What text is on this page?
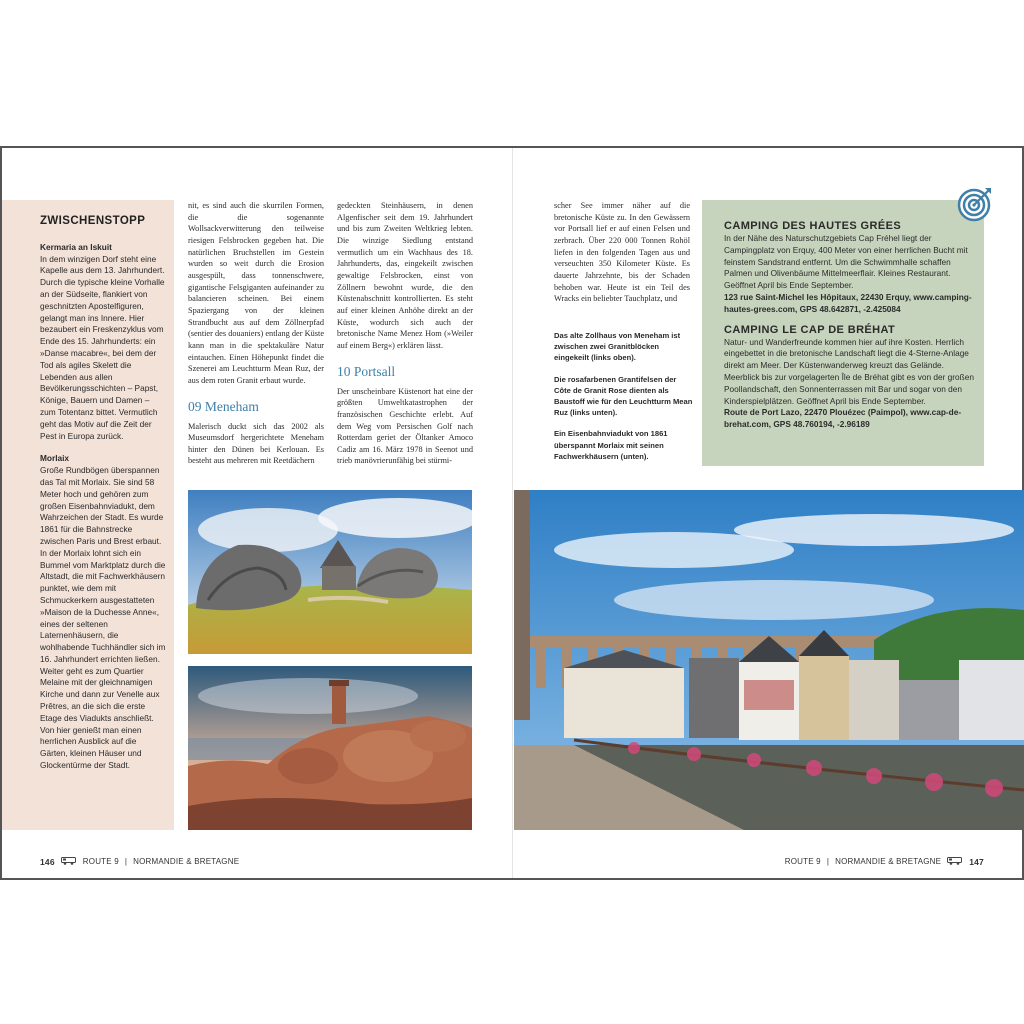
ZWISCHENSTOPP

Kermaria an Iskuit

In dem winzigen Dorf steht eine Kapelle aus dem 13. Jahrhundert. Durch die typische kleine Vorhalle an der Südseite, flankiert von geschnitzten Apostelfiguren, gelangt man ins Innere. Hier bezaubert ein Freskenzyklus vom Ende des 15. Jahrhunderts: ein »Danse macabre«, bei dem der Tod als agiles Skelett die Lebenden aus allen Bevölkerungsschichten – Papst, Könige, Bauern und Damen – zum Totentanz bittet. Vermutlich geht das Motiv auf die Zeit der Pest in Europa zurück.

Morlaix

Große Rundbögen überspannen das Tal mit Morlaix. Sie sind 58 Meter hoch und gehören zum großen Eisenbahnviadukt, dem Wahrzeichen der Stadt. Es wurde 1861 für die Bahnstrecke zwischen Paris und Brest erbaut. In der Morlaix lohnt sich ein Bummel vom Marktplatz durch die Altstadt, die mit Fachwerkhäusern punktet, wie dem mit Schmuckerkern ausgestatteten »Maison de la Duchesse Anne«, eines der seltenen Laternenhäusern, die wohlhabende Tuchhändler sich im 16. Jahrhundert errichten ließen. Weiter geht es zum Quartier Melaine mit der gleichnamigen Kirche und dann zur Venelle aux Prêtres, an die sich die erste Etage des Viadukts anschließt. Von hier genießt man einen herrlichen Ausblick auf die Gärten, kleinen Häuser und Glockentürme der Stadt.

nit, es sind auch die skurrilen Formen, die die sogenannte Wollsackverwitterung den teilweise riesigen Felsbrocken gegeben hat. Die natürlichen Bruchstellen im Gestein wurden so weit durch die Erosion ausgespült, dass tonnenschwere, gigantische Felsgiganten aufeinander zu balancieren scheinen. Bei einem Spaziergang von der kleinen Strandbucht aus auf dem Zöllnerpfad (sentier des douaniers) entlang der Küste kann man in die spektakuläre Natur eintauchen. Einen Höhepunkt findet die Szenerei am Leuchtturm Mean Ruz, der aus dem roten Granit erbaut wurde.

09 Meneham

Malerisch duckt sich das 2002 als Museumsdorf hergerichtete Meneham hinter den Dünen bei Kerlouan. Es besteht aus mehreren mit Reetdächern

gedeckten Steinhäusern, in denen Algenfischer seit dem 19. Jahrhundert und bis zum Zweiten Weltkrieg lebten. Die winzige Siedlung entstand vermutlich um ein Wachhaus des 18. Jahrhunderts, das, eingekeilt zwischen gewaltige Felsbrocken, einst von Zöllnern bewohnt wurde, die den Küstenabschnitt kontrollierten. Es steht auf einer kleinen Anhöhe direkt an der Küste, wodurch sich auch der bretonische Name Menez Hom (»Weiler auf einem Berg«) erklären lässt.

10 Portsall

Der unscheinbare Küstenort hat eine der größten Umweltkatastrophen der französischen Geschichte erlebt. Auf dem Weg vom Persischen Golf nach Rotterdam geriet der Öltanker Amoco Cadiz am 16. März 1978 in Seenot und trieb manövrierunfähig bei stürmi-

scher See immer näher auf die bretonische Küste zu. In den Gewässern vor Portsall lief er auf einen Felsen und zerbrach. Über 220 000 Tonnen Rohöl liefen in den folgenden Tagen aus und verseuchten 350 Kilometer Küste. Es dauerte Jahrzehnte, bis der Schaden behoben war. Heute ist ein Teil des Wracks ein beliebter Tauchplatz, und

Das alte Zollhaus von Meneham ist zwischen zwei Granitblöcken eingekeilt (links oben).

Die rosafarbenen Grantifelsen der Côte de Granit Rose dienten als Baustoff wie für den Leuchtturm Mean Ruz (links unten).

Ein Eisenbahnviadukt von 1861 überspannt Morlaix mit seinen Fachwerkhäusern (unten).

CAMPING DES HAUTES GRÉES

In der Nähe des Naturschutzgebiets Cap Fréhel liegt der Campingplatz von Erquy, 400 Meter von einer herrlichen Bucht mit feinstem Sandstrand entfernt. Um die Schwimmhalle schaffen Palmen und Olivenbäume Mittelmeerflair. Kleines Restaurant. Geöffnet April bis Ende September.

123 rue Saint-Michel les Hôpitaux, 22430 Erquy, www.camping-hautes-grees.com, GPS 48.642871, -2.425084

CAMPING LE CAP DE BRÉHAT

Natur- und Wanderfreunde kommen hier auf ihre Kosten. Herrlich eingebettet in die bretonische Landschaft liegt die 4-Sterne-Anlage direkt am Meer. Der Küstenwanderweg kreuzt das Gelände. Meerblick bis zur vorgelagerten Île de Bréhat gibt es von der großen Poollandschaft, den Sonnenterrassen mit Bar und sogar von den Kinderspielplätzen. Geöffnet April bis Ende September.

Route de Port Lazo, 22470 Plouézec (Paimpol), www.cap-de-brehat.com, GPS 48.760194, -2.96189

146	ROUTE 9 | NORMANDIE & BRETAGNE	ROUTE 9 | NORMANDIE & BRETAGNE	147
